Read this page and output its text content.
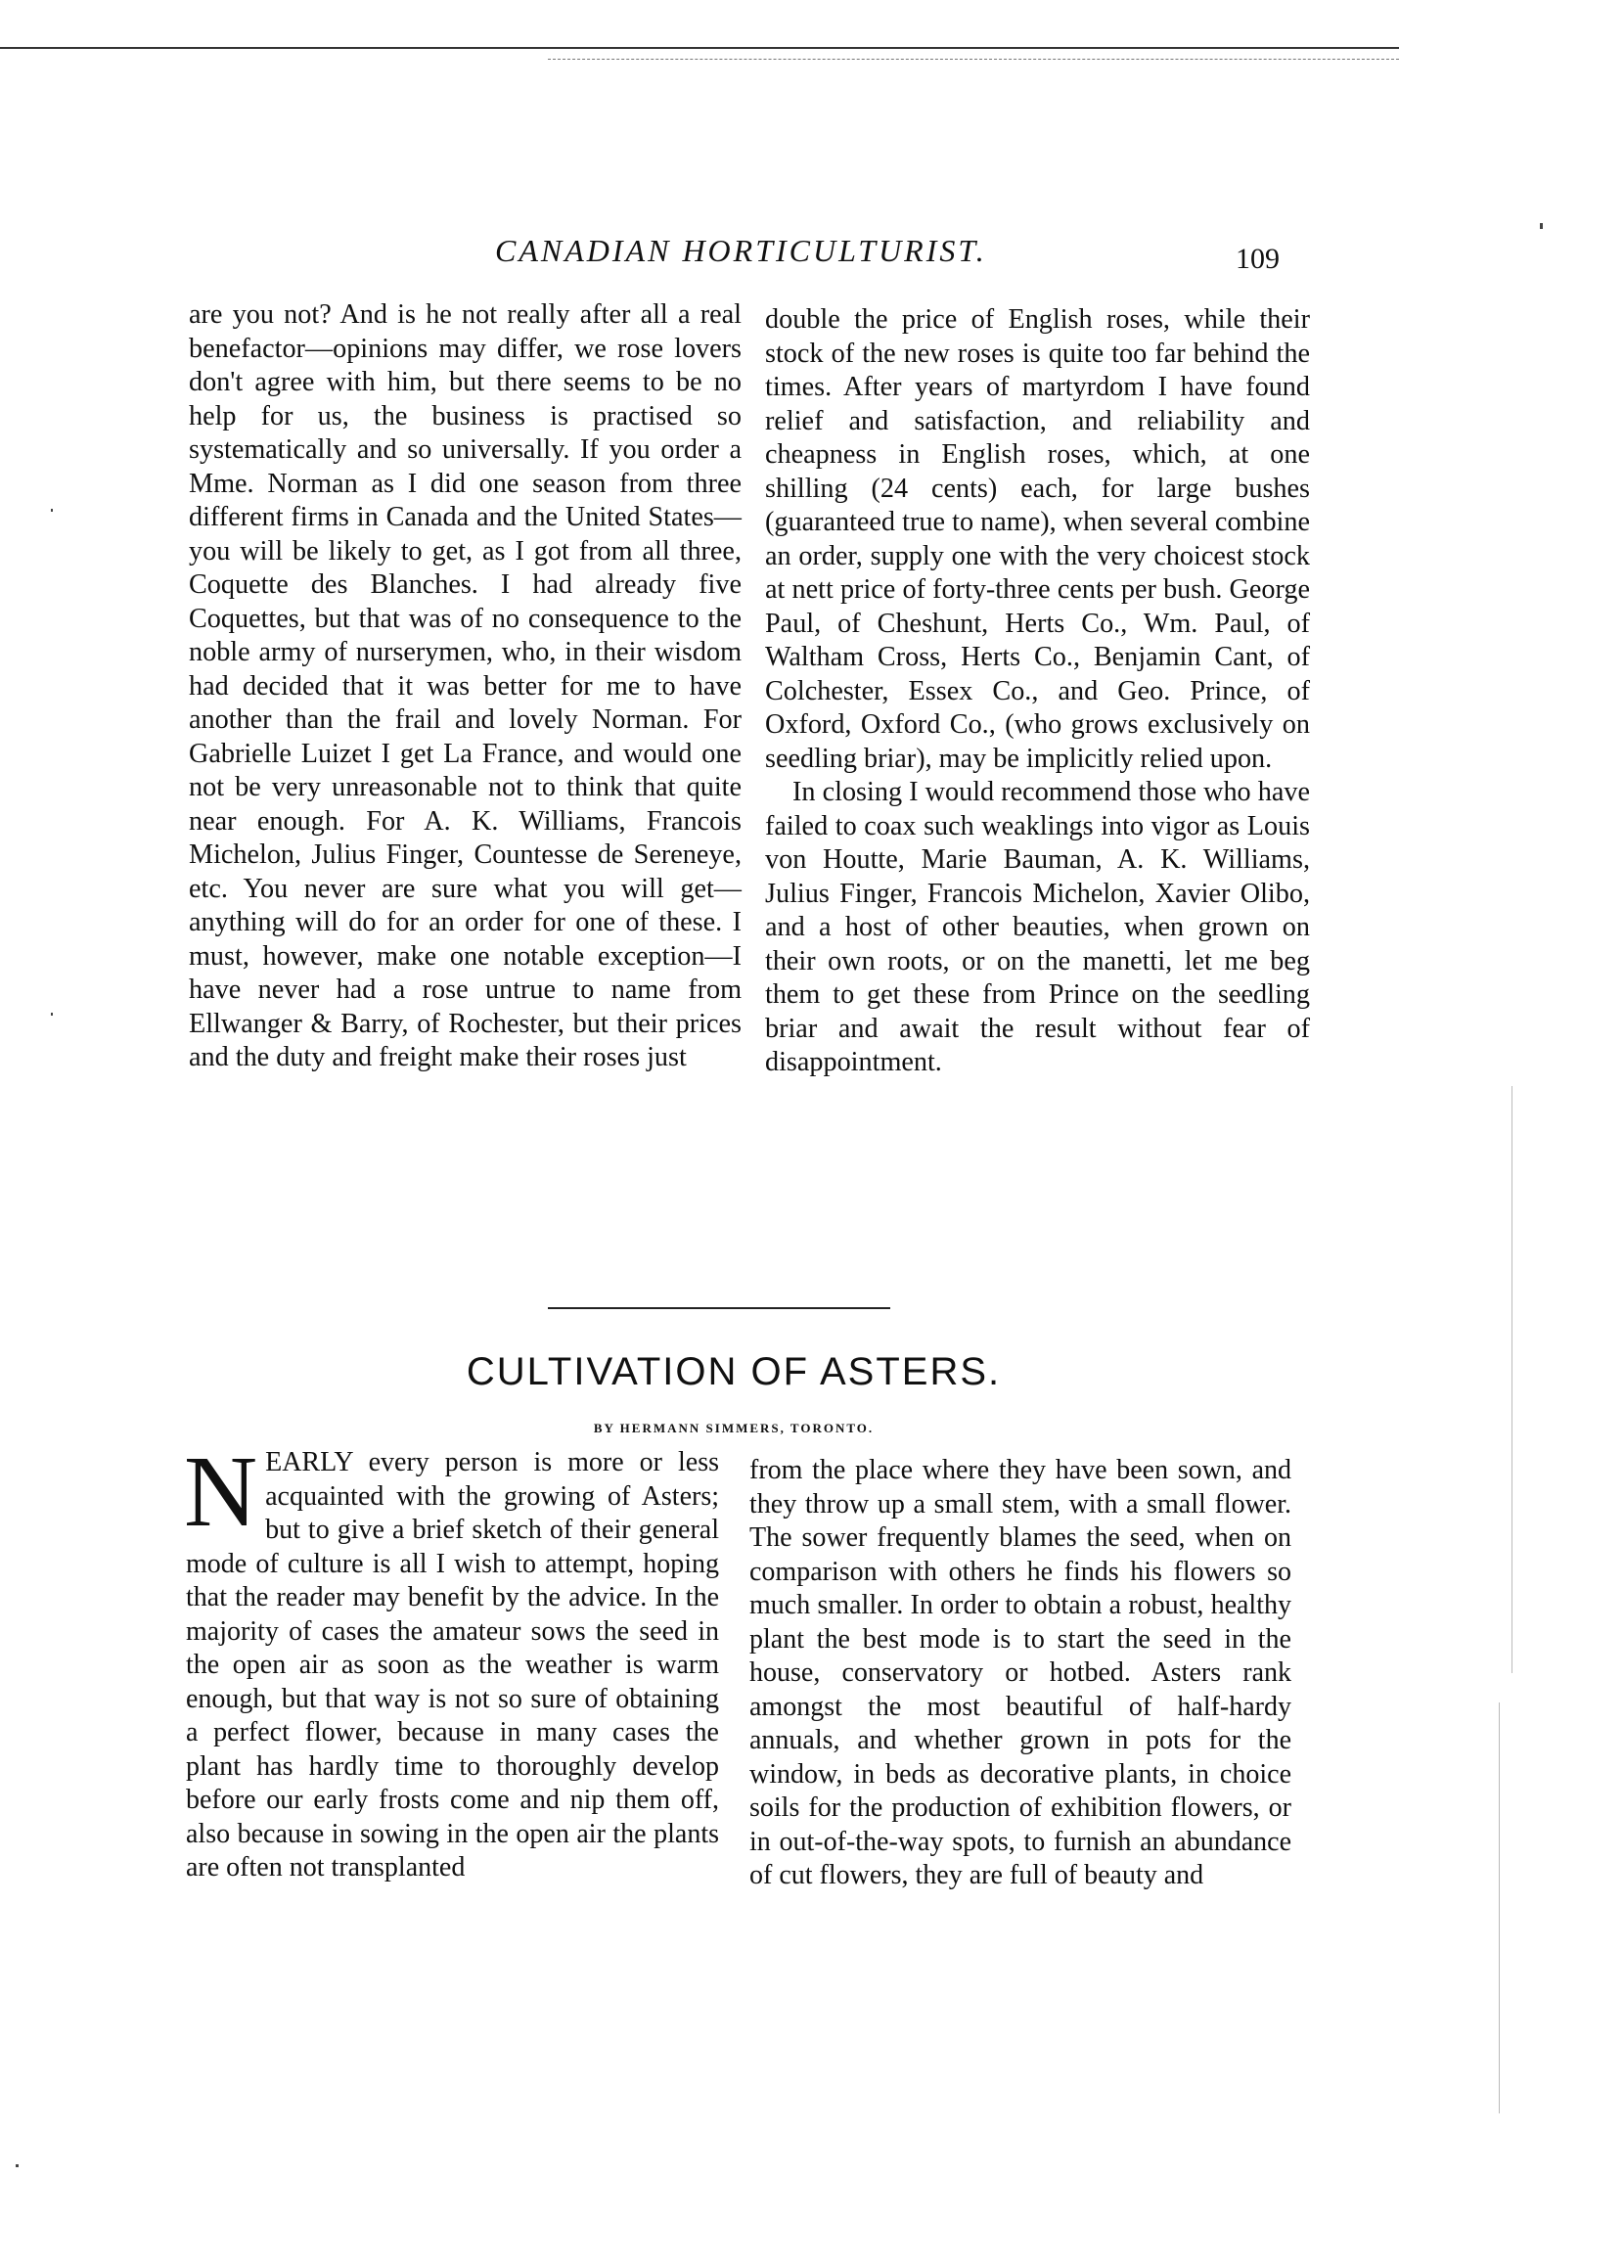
CANADIAN HORTICULTURIST.	109

are you not? And is he not really after all a real benefactor—opinions may differ, we rose lovers don't agree with him, but there seems to be no help for us, the business is practised so systematically and so universally. If you order a Mme. Norman as I did one season from three different firms in Canada and the United States—you will be likely to get, as I got from all three, Coquette des Blanches. I had already five Coquettes, but that was of no consequence to the noble army of nurserymen, who, in their wisdom had decided that it was better for me to have another than the frail and lovely Norman. For Gabrielle Luizet I get La France, and would one not be very unreasonable not to think that quite near enough. For A. K. Williams, Francois Michelon, Julius Finger, Countesse de Sereneye, etc. You never are sure what you will get—anything will do for an order for one of these. I must, however, make one notable exception—I have never had a rose untrue to name from Ellwanger & Barry, of Rochester, but their prices and the duty and freight make their roses just

double the price of English roses, while their stock of the new roses is quite too far behind the times. After years of martyrdom I have found relief and satisfaction, and reliability and cheapness in English roses, which, at one shilling (24 cents) each, for large bushes (guaranteed true to name), when several combine an order, supply one with the very choicest stock at nett price of forty-three cents per bush. George Paul, of Cheshunt, Herts Co., Wm. Paul, of Waltham Cross, Herts Co., Benjamin Cant, of Colchester, Essex Co., and Geo. Prince, of Oxford, Oxford Co., (who grows exclusively on seedling briar), may be implicitly relied upon.

In closing I would recommend those who have failed to coax such weaklings into vigor as Louis von Houtte, Marie Bauman, A. K. Williams, Julius Finger, Francois Michelon, Xavier Olibo, and a host of other beauties, when grown on their own roots, or on the manetti, let me beg them to get these from Prince on the seedling briar and await the result without fear of disappointment.

CULTIVATION OF ASTERS.
BY HERMANN SIMMERS, TORONTO.
N EARLY every person is more or less acquainted with the growing of Asters; but to give a brief sketch of their general mode of culture is all I wish to attempt, hoping that the reader may benefit by the advice. In the majority of cases the amateur sows the seed in the open air as soon as the weather is warm enough, but that way is not so sure of obtaining a perfect flower, because in many cases the plant has hardly time to thoroughly develop before our early frosts come and nip them off, also because in sowing in the open air the plants are often not transplanted

from the place where they have been sown, and they throw up a small stem, with a small flower. The sower frequently blames the seed, when on comparison with others he finds his flowers so much smaller. In order to obtain a robust, healthy plant the best mode is to start the seed in the house, conservatory or hotbed. Asters rank amongst the most beautiful of half-hardy annuals, and whether grown in pots for the window, in beds as decorative plants, in choice soils for the production of exhibition flowers, or in out-of-the-way spots, to furnish an abundance of cut flowers, they are full of beauty and
